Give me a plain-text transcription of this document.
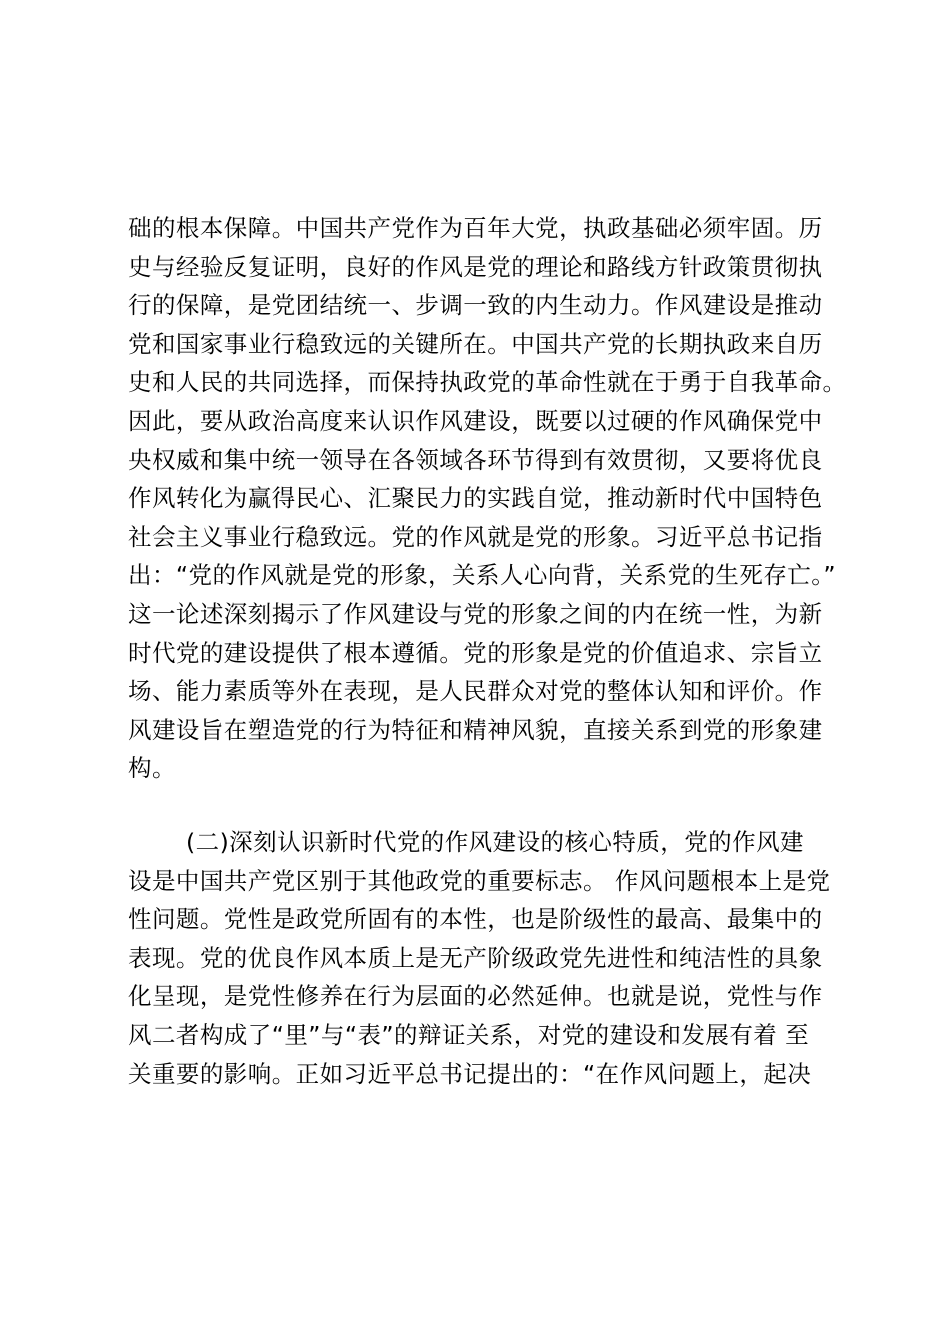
础的根本保障。中国共产党作为百年大党，执政基础必须牢固。历
史与经验反复证明，良好的作风是党的理论和路线方针政策贯彻执
行的保障，是党团结统一、步调一致的内生动力。作风建设是推动
党和国家事业行稳致远的关键所在。中国共产党的长期执政来自历
史和人民的共同选择，而保持执政党的革命性就在于勇于自我革命。
因此，要从政治高度来认识作风建设，既要以过硬的作风确保党中
央权威和集中统一领导在各领域各环节得到有效贯彻，又要将优良
作风转化为赢得民心、汇聚民力的实践自觉，推动新时代中国特色
社会主义事业行稳致远。党的作风就是党的形象。习近平总书记指
出：“党的作风就是党的形象，关系人心向背，关系党的生死存亡。”
这一论述深刻揭示了作风建设与党的形象之间的内在统一性，为新
时代党的建设提供了根本遵循。党的形象是党的价值追求、宗旨立
场、能力素质等外在表现，是人民群众对党的整体认知和评价。作
风建设旨在塑造党的行为特征和精神风貌，直接关系到党的形象建
构。
(二)深刻认识新时代党的作风建设的核心特质，党的作风建
设是中国共产党区别于其他政党的重要标志。 作风问题根本上是党
性问题。党性是政党所固有的本性，也是阶级性的最高、最集中的
表现。党的优良作风本质上是无产阶级政党先进性和纯洁性的具象
化呈现，是党性修养在行为层面的必然延伸。也就是说，党性与作
风二者构成了“里”与“表”的辩证关系，对党的建设和发展有着 至
关重要的影响。正如习近平总书记提出的：“在作风问题上，起决
